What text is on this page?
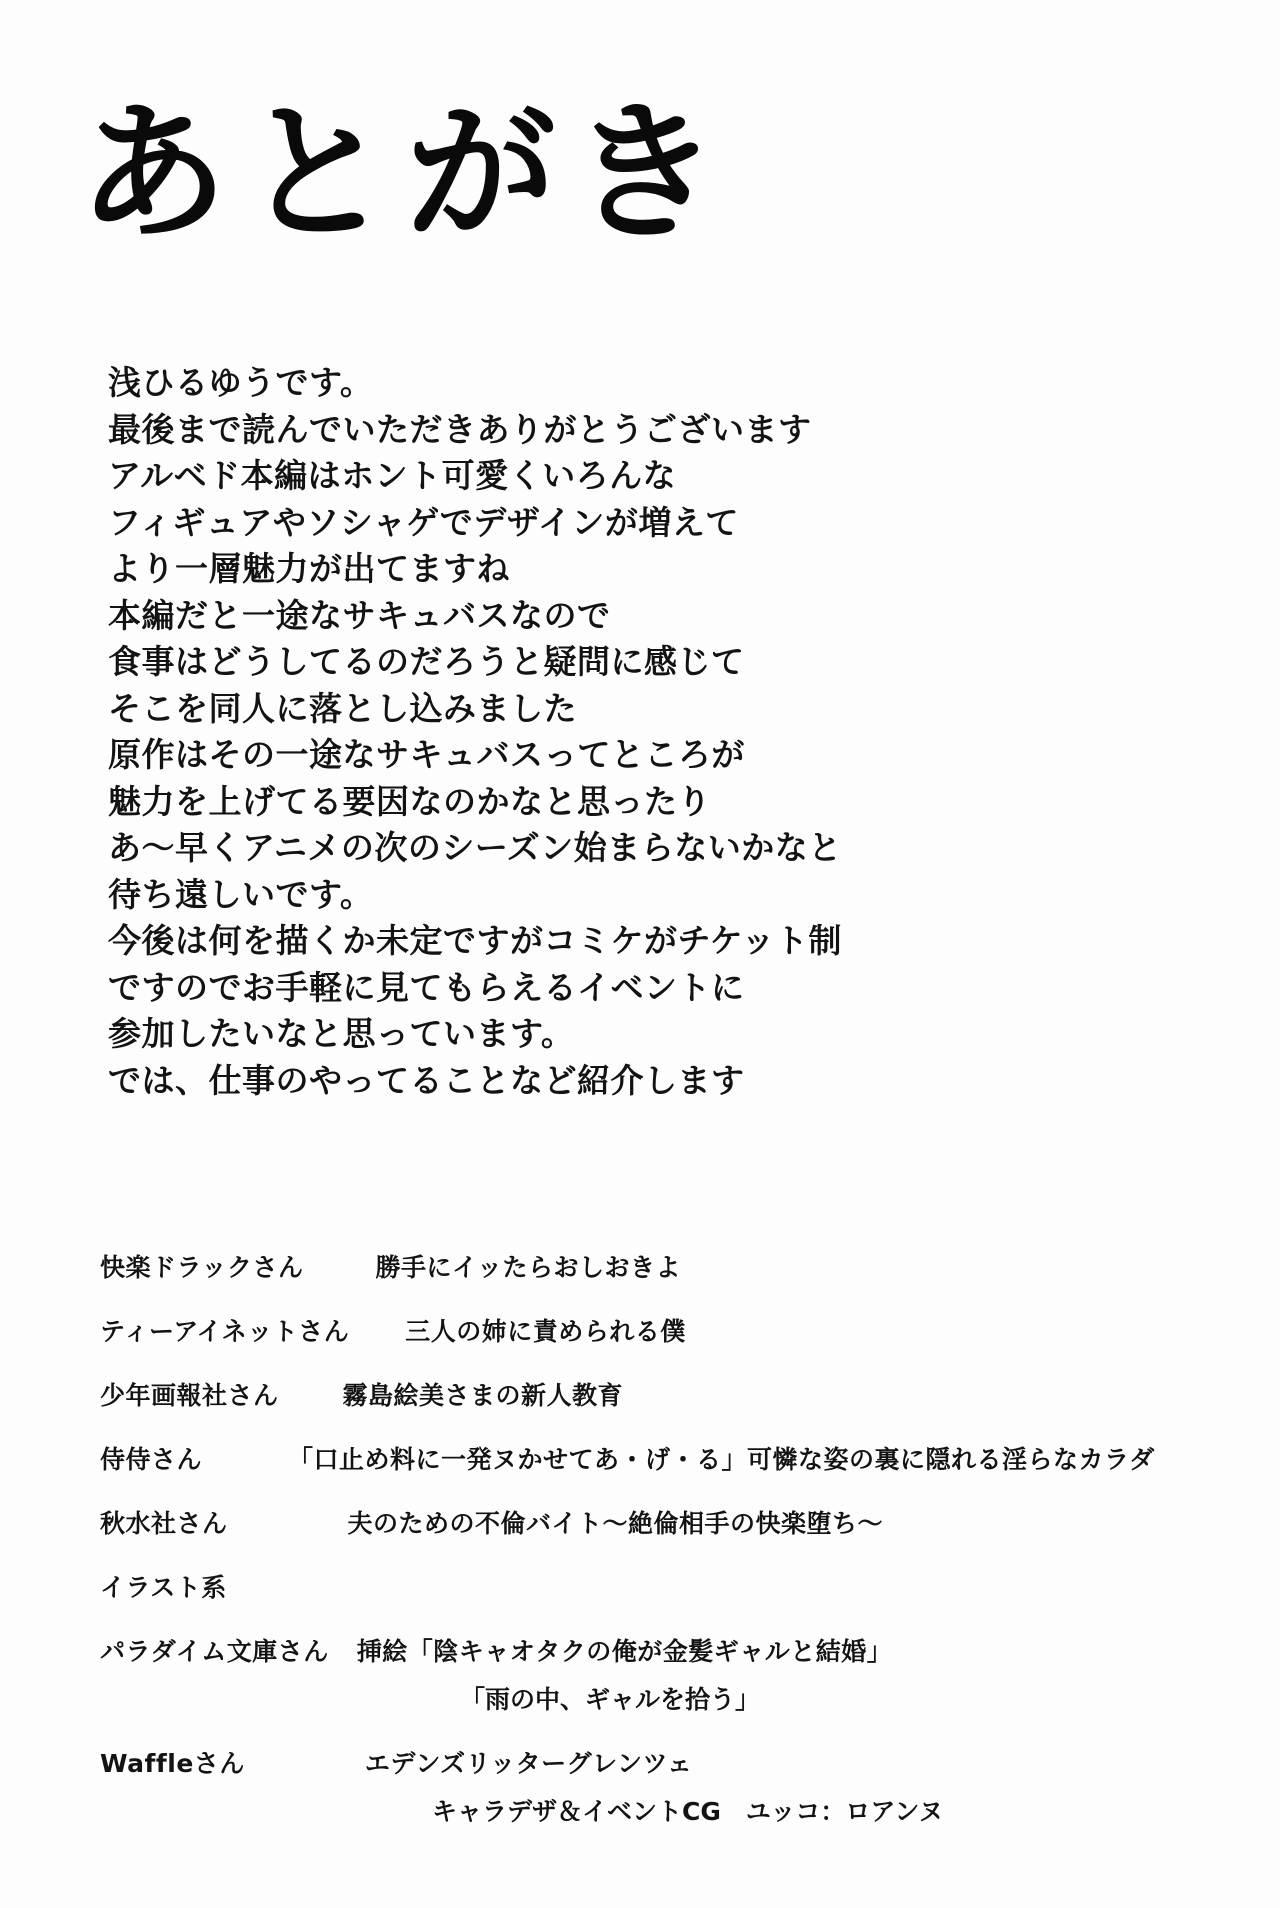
あとがき
浅ひるゆうです。
最後まで読んでいただきありがとうございます
アルベド本編はホント可愛くいろんな
フィギュアやソシャゲでデザインが増えて
より一層魅力が出てますね
本編だと一途なサキュバスなので
食事はどうしてるのだろうと疑問に感じて
そこを同人に落とし込みました
原作はその一途なサキュバスってところが
魅力を上げてる要因なのかなと思ったり
あ〜早くアニメの次のシーズン始まらないかなと
待ち遠しいです。
今後は何を描くか未定ですがコミケがチケット制
ですのでお手軽に見てもらえるイベントに
参加したいなと思っています。
では、仕事のやってることなど紹介します
快楽ドラックさん	勝手にイッたらおしおきよ
ティーアイネットさん 三人の姉に責められる僕
少年画報社さん	霧島絵美さまの新人教育
侍侍さん	「口止め料に一発ヌかせてあ・げ・る」可憐な姿の裏に隠れる淫らなカラダ
秋水社さん	夫のための不倫バイト〜絶倫相手の快楽堕ち〜
イラスト系
パラダイム文庫さん 挿絵「陰キャオタクの俺が金髪ギャルと結婚」
「雨の中、ギャルを拾う」
Waffleさん	エデンズリッターグレンツェ
キャラデザ＆イベントCG　ユッコ：ロアンヌ
